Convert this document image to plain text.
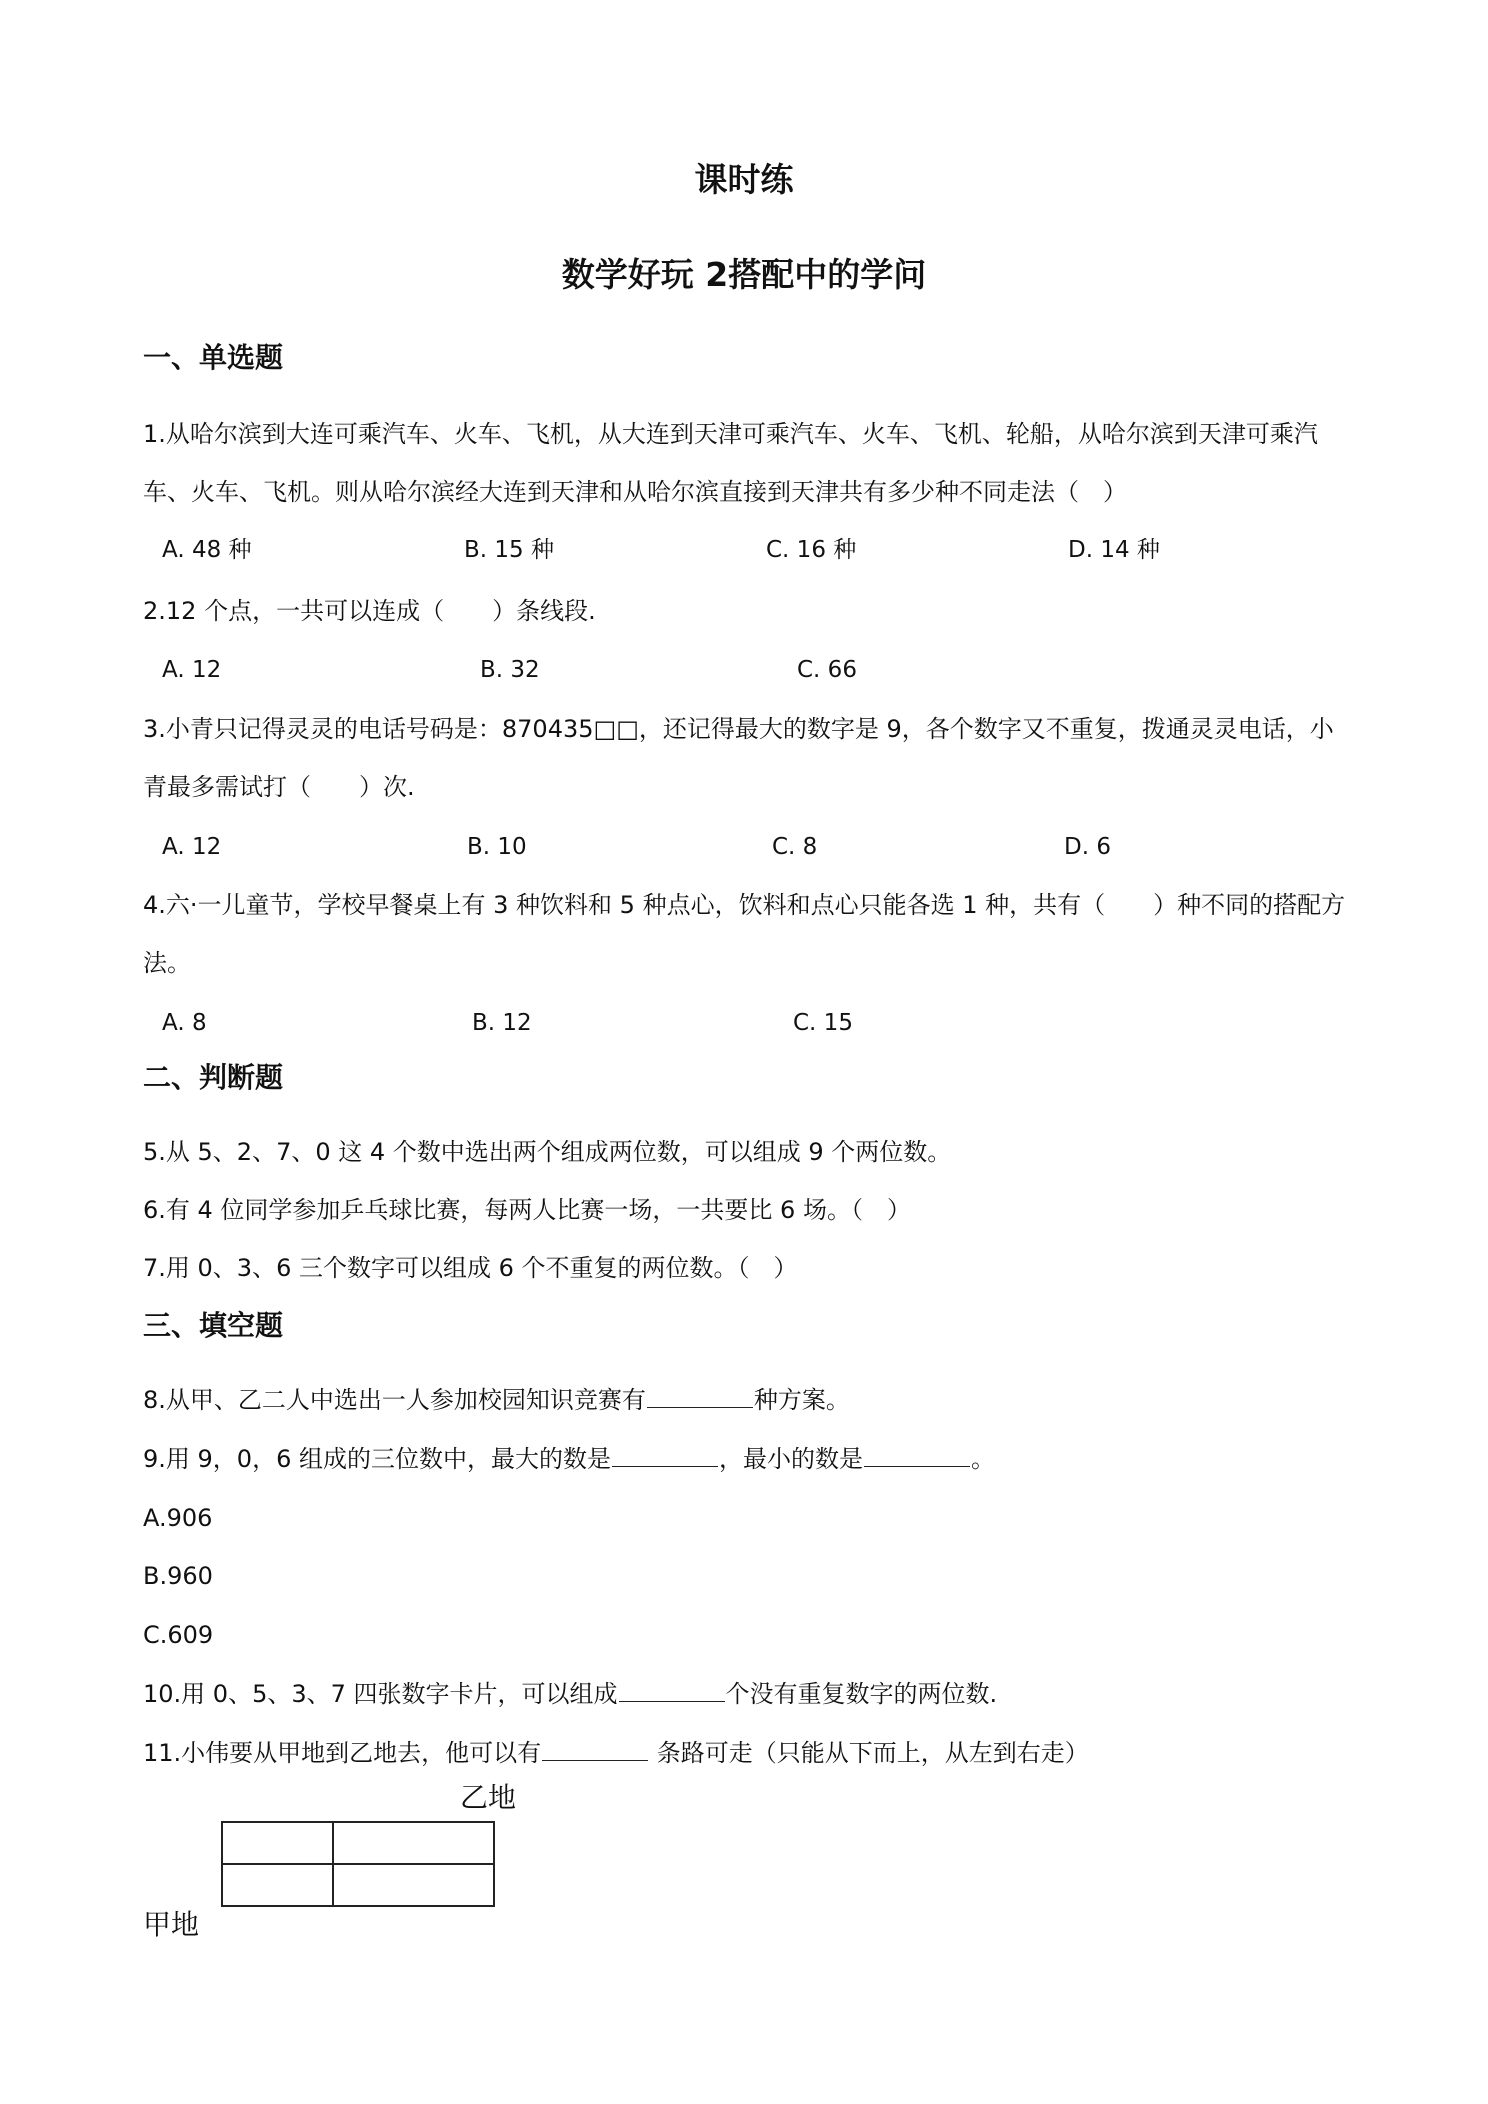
课时练
数学好玩 2搭配中的学问
一、单选题
1.从哈尔滨到大连可乘汽车、火车、飞机，从大连到天津可乘汽车、火车、飞机、轮船，从哈尔滨到天津可乘汽车、火车、飞机。则从哈尔滨经大连到天津和从哈尔滨直接到天津共有多少种不同走法（　）
A. 48 种	B. 15 种	C. 16 种	D. 14 种
2.12 个点，一共可以连成（　　）条线段.
A. 12	B. 32	C. 66
3.小青只记得灵灵的电话号码是：870435□□，还记得最大的数字是 9，各个数字又不重复，拨通灵灵电话，小青最多需试打（　　）次.
A. 12	B. 10	C. 8	D. 6
4.六·一儿童节，学校早餐桌上有 3 种饮料和 5 种点心，饮料和点心只能各选 1 种，共有（　　）种不同的搭配方法。
A. 8	B. 12	C. 15
二、判断题
5.从 5、2、7、0 这 4 个数中选出两个组成两位数，可以组成 9 个两位数。
6.有 4 位同学参加乒乓球比赛，每两人比赛一场，一共要比 6 场。（　）
7.用 0、3、6 三个数字可以组成 6 个不重复的两位数。（　）
三、填空题
8.从甲、乙二人中选出一人参加校园知识竞赛有	种方案。
9.用 9，0，6 组成的三位数中，最大的数是	，最小的数是	。
A.906
B.960
C.609
10.用 0、5、3、7 四张数字卡片，可以组成	个没有重复数字的两位数.
11.小伟要从甲地到乙地去，他可以有	条路可走（只能从下而上，从左到右走）
乙地
甲地
